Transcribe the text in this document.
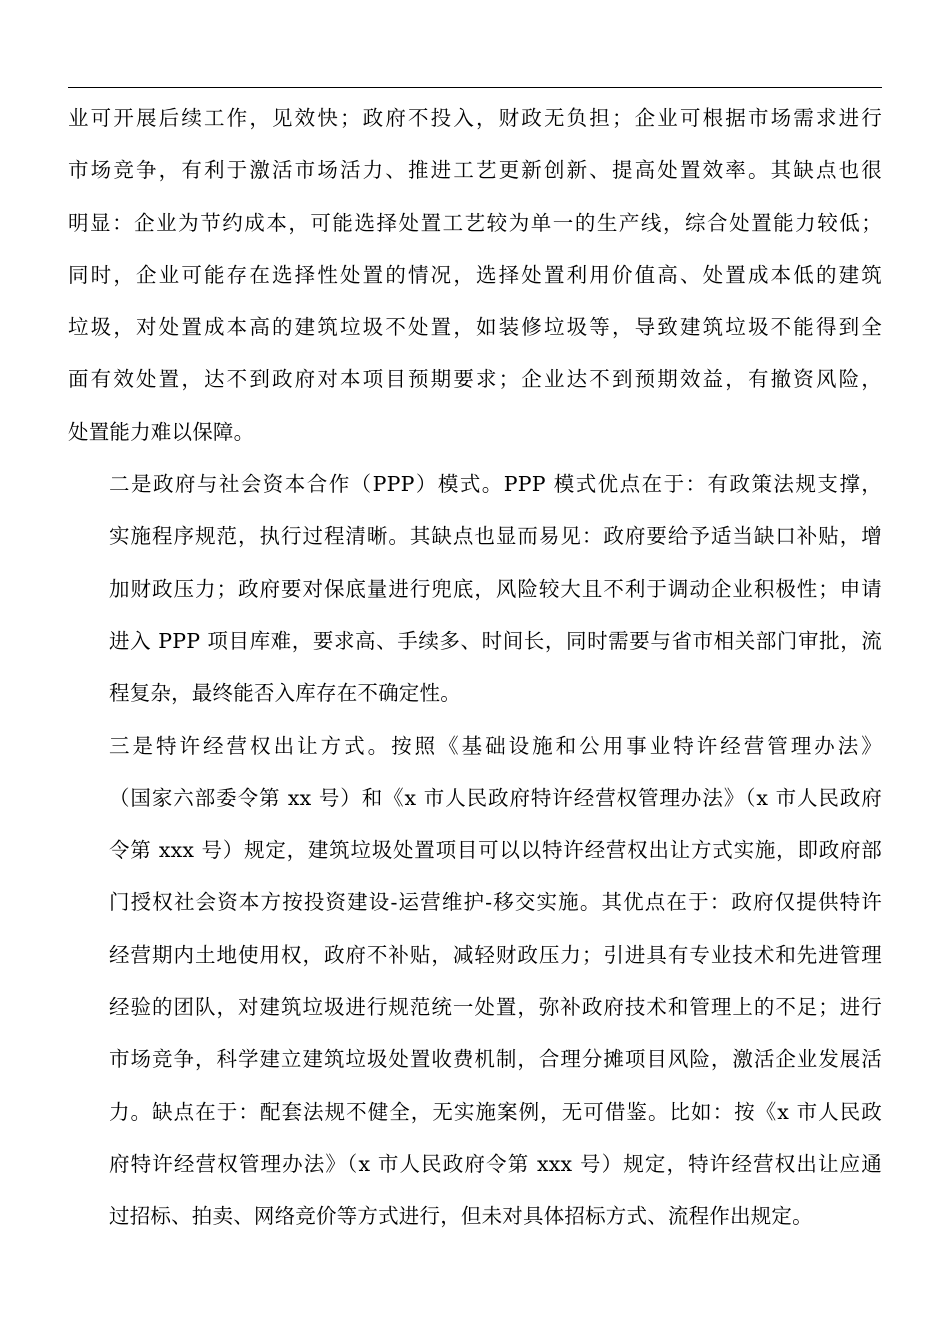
业可开展后续工作，见效快；政府不投入，财政无负担；企业可根据市场需求进行
市场竞争，有利于激活市场活力、推进工艺更新创新、提高处置效率。其缺点也很
明显：企业为节约成本，可能选择处置工艺较为单一的生产线，综合处置能力较低；
同时，企业可能存在选择性处置的情况，选择处置利用价值高、处置成本低的建筑
垃圾，对处置成本高的建筑垃圾不处置，如装修垃圾等，导致建筑垃圾不能得到全
面有效处置，达不到政府对本项目预期要求；企业达不到预期效益，有撤资风险，
处置能力难以保障。

二是政府与社会资本合作（PPP）模式。PPP 模式优点在于：有政策法规支撑，
实施程序规范，执行过程清晰。其缺点也显而易见：政府要给予适当缺口补贴，增
加财政压力；政府要对保底量进行兜底，风险较大且不利于调动企业积极性；申请
进入 PPP 项目库难，要求高、手续多、时间长，同时需要与省市相关部门审批，流
程复杂，最终能否入库存在不确定性。

三是特许经营权出让方式。按照《基础设施和公用事业特许经营管理办法》
（国家六部委令第 xx 号）和《x 市人民政府特许经营权管理办法》（x 市人民政府
令第 xxx 号）规定，建筑垃圾处置项目可以以特许经营权出让方式实施，即政府部
门授权社会资本方按投资建设-运营维护-移交实施。其优点在于：政府仅提供特许
经营期内土地使用权，政府不补贴，减轻财政压力；引进具有专业技术和先进管理
经验的团队，对建筑垃圾进行规范统一处置，弥补政府技术和管理上的不足；进行
市场竞争，科学建立建筑垃圾处置收费机制，合理分摊项目风险，激活企业发展活
力。缺点在于：配套法规不健全，无实施案例，无可借鉴。比如：按《x 市人民政
府特许经营权管理办法》（x 市人民政府令第 xxx 号）规定，特许经营权出让应通
过招标、拍卖、网络竞价等方式进行，但未对具体招标方式、流程作出规定。
